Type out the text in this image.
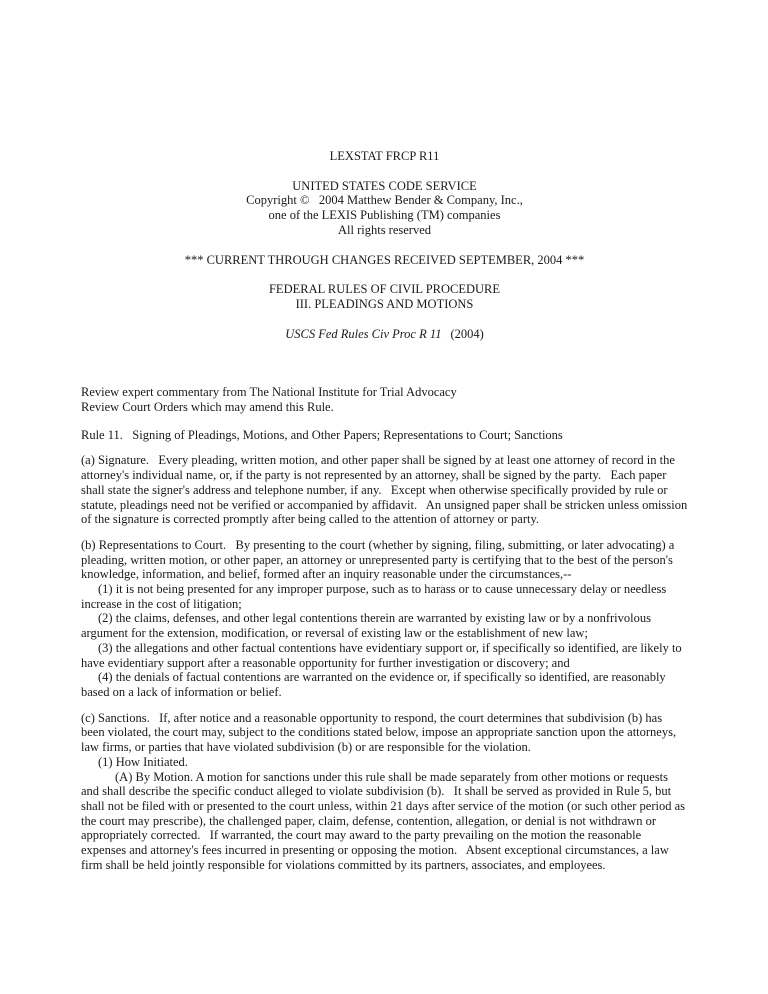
LEXSTAT FRCP R11

UNITED STATES CODE SERVICE

Copyright ©   2004 Matthew Bender & Company, Inc.,

one of the LEXIS Publishing (TM) companies

All rights reserved

*** CURRENT THROUGH CHANGES RECEIVED SEPTEMBER, 2004 ***

FEDERAL RULES OF CIVIL PROCEDURE

III. PLEADINGS AND MOTIONS

USCS Fed Rules Civ Proc R 11 (2004)

Review expert commentary from The National Institute for Trial Advocacy

Review Court Orders which may amend this Rule.

Rule 11.   Signing of Pleadings, Motions, and Other Papers; Representations to Court; Sanctions

(a) Signature.   Every pleading, written motion, and other paper shall be signed by at least one attorney of record in the attorney's individual name, or, if the party is not represented by an attorney, shall be signed by the party.   Each paper shall state the signer's address and telephone number, if any.   Except when otherwise specifically provided by rule or statute, pleadings need not be verified or accompanied by affidavit.   An unsigned paper shall be stricken unless omission of the signature is corrected promptly after being called to the attention of attorney or party.

(b) Representations to Court.   By presenting to the court (whether by signing, filing, submitting, or later advocating) a pleading, written motion, or other paper, an attorney or unrepresented party is certifying that to the best of the person's knowledge, information, and belief, formed after an inquiry reasonable under the circumstances,--

(1) it is not being presented for any improper purpose, such as to harass or to cause unnecessary delay or needless increase in the cost of litigation;

(2) the claims, defenses, and other legal contentions therein are warranted by existing law or by a nonfrivolous argument for the extension, modification, or reversal of existing law or the establishment of new law;

(3) the allegations and other factual contentions have evidentiary support or, if specifically so identified, are likely to have evidentiary support after a reasonable opportunity for further investigation or discovery; and

(4) the denials of factual contentions are warranted on the evidence or, if specifically so identified, are reasonably based on a lack of information or belief.

(c) Sanctions.   If, after notice and a reasonable opportunity to respond, the court determines that subdivision (b) has been violated, the court may, subject to the conditions stated below, impose an appropriate sanction upon the attorneys, law firms, or parties that have violated subdivision (b) or are responsible for the violation.

(1) How Initiated.

(A) By Motion. A motion for sanctions under this rule shall be made separately from other motions or requests and shall describe the specific conduct alleged to violate subdivision (b).   It shall be served as provided in Rule 5, but shall not be filed with or presented to the court unless, within 21 days after service of the motion (or such other period as the court may prescribe), the challenged paper, claim, defense, contention, allegation, or denial is not withdrawn or appropriately corrected.   If warranted, the court may award to the party prevailing on the motion the reasonable expenses and attorney's fees incurred in presenting or opposing the motion.   Absent exceptional circumstances, a law firm shall be held jointly responsible for violations committed by its partners, associates, and employees.
